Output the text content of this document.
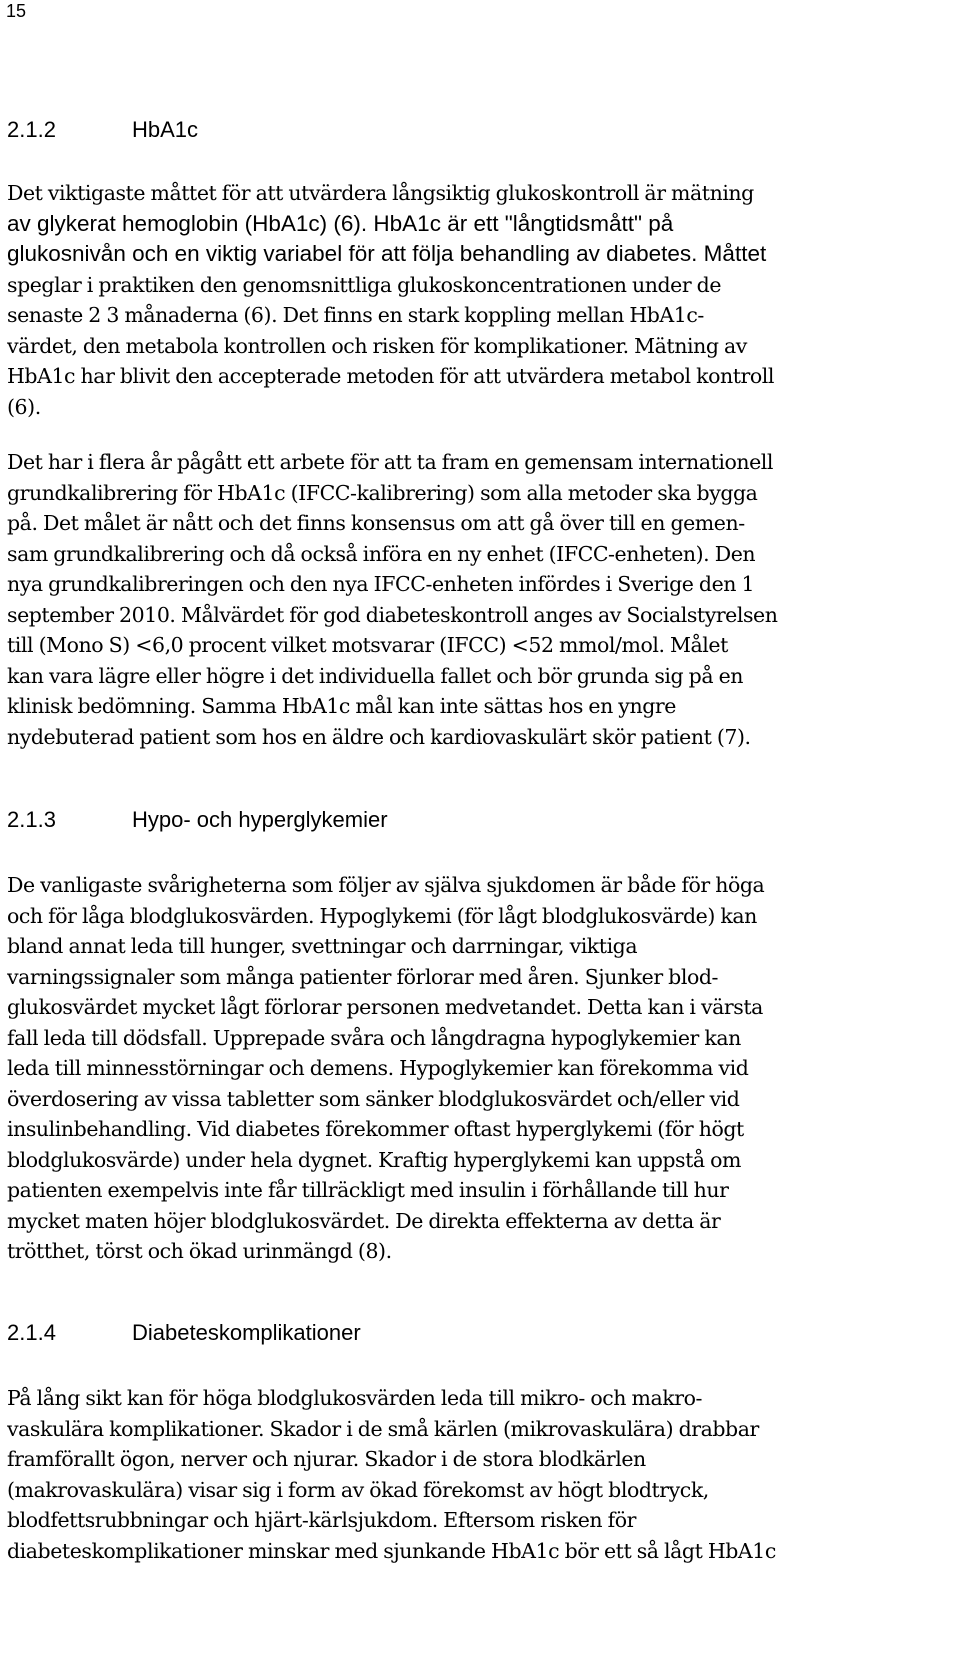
15
2.1.2	HbA1c
Det viktigaste måttet för att utvärdera långsiktig glukoskontroll är mätning
av glykerat hemoglobin (HbA1c) (6). HbA1c är ett "långtidsmått" på
glukosnivån och en viktig variabel för att följa behandling av diabetes. Måttet
speglar i praktiken den genomsnittliga glukoskoncentrationen under de
senaste 2 3 månaderna (6). Det finns en stark koppling mellan HbA1c-
värdet, den metabola kontrollen och risken för komplikationer. Mätning av
HbA1c har blivit den accepterade metoden för att utvärdera metabol kontroll
(6).
Det har i flera år pågått ett arbete för att ta fram en gemensam internationell
grundkalibrering för HbA1c (IFCC-kalibrering) som alla metoder ska bygga
på. Det målet är nått och det finns konsensus om att gå över till en gemen-
sam grundkalibrering och då också införa en ny enhet (IFCC-enheten). Den
nya grundkalibreringen och den nya IFCC-enheten infördes i Sverige den 1
september 2010. Målvärdet för god diabeteskontroll anges av Socialstyrelsen
till (Mono S) <6,0 procent vilket motsvarar (IFCC) <52 mmol/mol. Målet
kan vara lägre eller högre i det individuella fallet och bör grunda sig på en
klinisk bedömning. Samma HbA1c mål kan inte sättas hos en yngre
nydebuterad patient som hos en äldre och kardiovaskulärt skör patient (7).
2.1.3	Hypo- och hyperglykemier
De vanligaste svårigheterna som följer av själva sjukdomen är både för höga
och för låga blodglukosvärden. Hypoglykemi (för lågt blodglukosvärde) kan
bland annat leda till hunger, svettningar och darrningar, viktiga
varningssignaler som många patienter förlorar med åren. Sjunker blod-
glukosvärdet mycket lågt förlorar personen medvetandet. Detta kan i värsta
fall leda till dödsfall. Upprepade svåra och långdragna hypoglykemier kan
leda till minnesstörningar och demens. Hypoglykemier kan förekomma vid
överdosering av vissa tabletter som sänker blodglukosvärdet och/eller vid
insulinbehandling. Vid diabetes förekommer oftast hyperglykemi (för högt
blodglukosvärde) under hela dygnet. Kraftig hyperglykemi kan uppstå om
patienten exempelvis inte får tillräckligt med insulin i förhållande till hur
mycket maten höjer blodglukosvärdet. De direkta effekterna av detta är
trötthet, törst och ökad urinmängd (8).
2.1.4	Diabeteskomplikationer
På lång sikt kan för höga blodglukosvärden leda till mikro- och makro-
vaskulära komplikationer. Skador i de små kärlen (mikrovaskulära) drabbar
framförallt ögon, nerver och njurar. Skador i de stora blodkärlen
(makrovaskulära) visar sig i form av ökad förekomst av högt blodtryck,
blodfettsrubbningar och hjärt-kärlsjukdom. Eftersom risken för
diabeteskomplikationer minskar med sjunkande HbA1c bör ett så lågt HbA1c
